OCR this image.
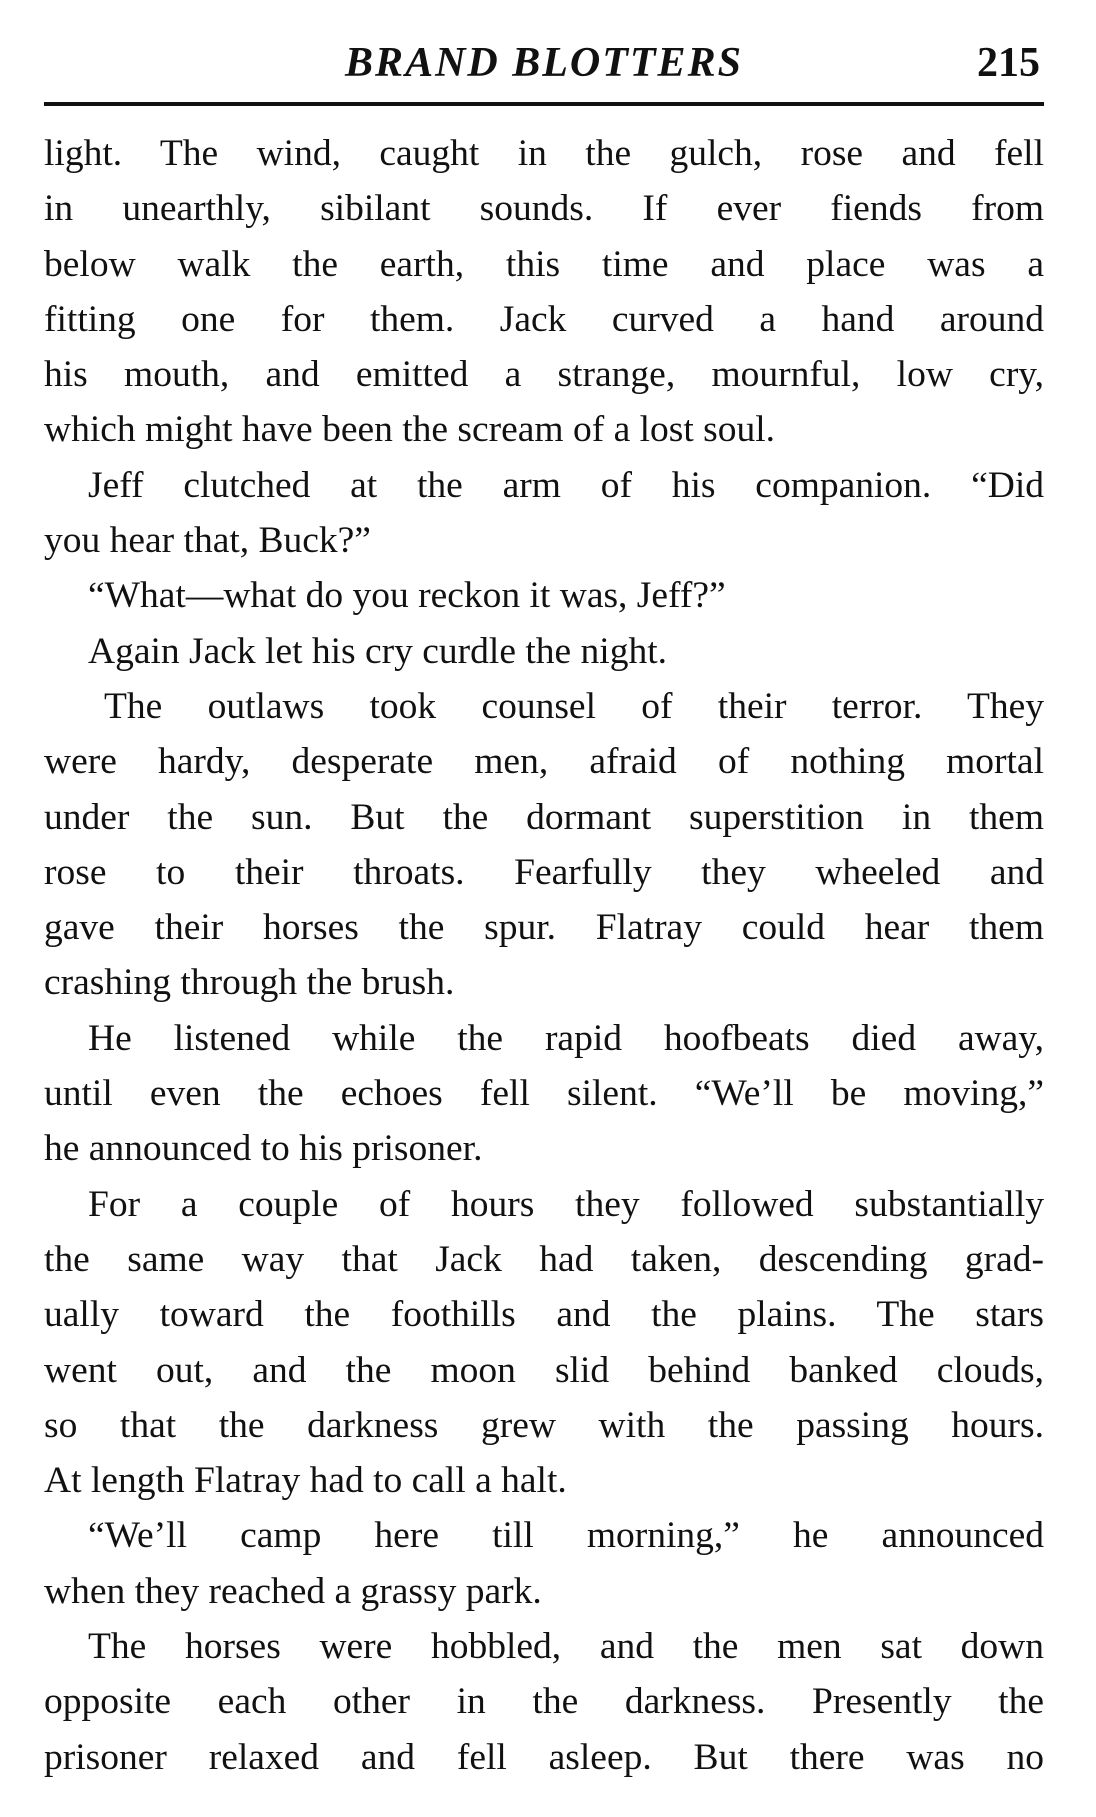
BRAND BLOTTERS	215
light. The wind, caught in the gulch, rose and fell
in unearthly, sibilant sounds. If ever fiends from
below walk the earth, this time and place was a
fitting one for them. Jack curved a hand around
his mouth, and emitted a strange, mournful, low cry,
which might have been the scream of a lost soul.
Jeff clutched at the arm of his companion. “Did
you hear that, Buck?”
“What—what do you reckon it was, Jeff?”
Again Jack let his cry curdle the night.
The outlaws took counsel of their terror. They
were hardy, desperate men, afraid of nothing mortal
under the sun. But the dormant superstition in them
rose to their throats. Fearfully they wheeled and
gave their horses the spur. Flatray could hear them
crashing through the brush.
He listened while the rapid hoofbeats died away,
until even the echoes fell silent. “We’ll be moving,”
he announced to his prisoner.
For a couple of hours they followed substantially
the same way that Jack had taken, descending grad-
ually toward the foothills and the plains. The stars
went out, and the moon slid behind banked clouds,
so that the darkness grew with the passing hours.
At length Flatray had to call a halt.
“We’ll camp here till morning,” he announced
when they reached a grassy park.
The horses were hobbled, and the men sat down
opposite each other in the darkness. Presently the
prisoner relaxed and fell asleep. But there was no
